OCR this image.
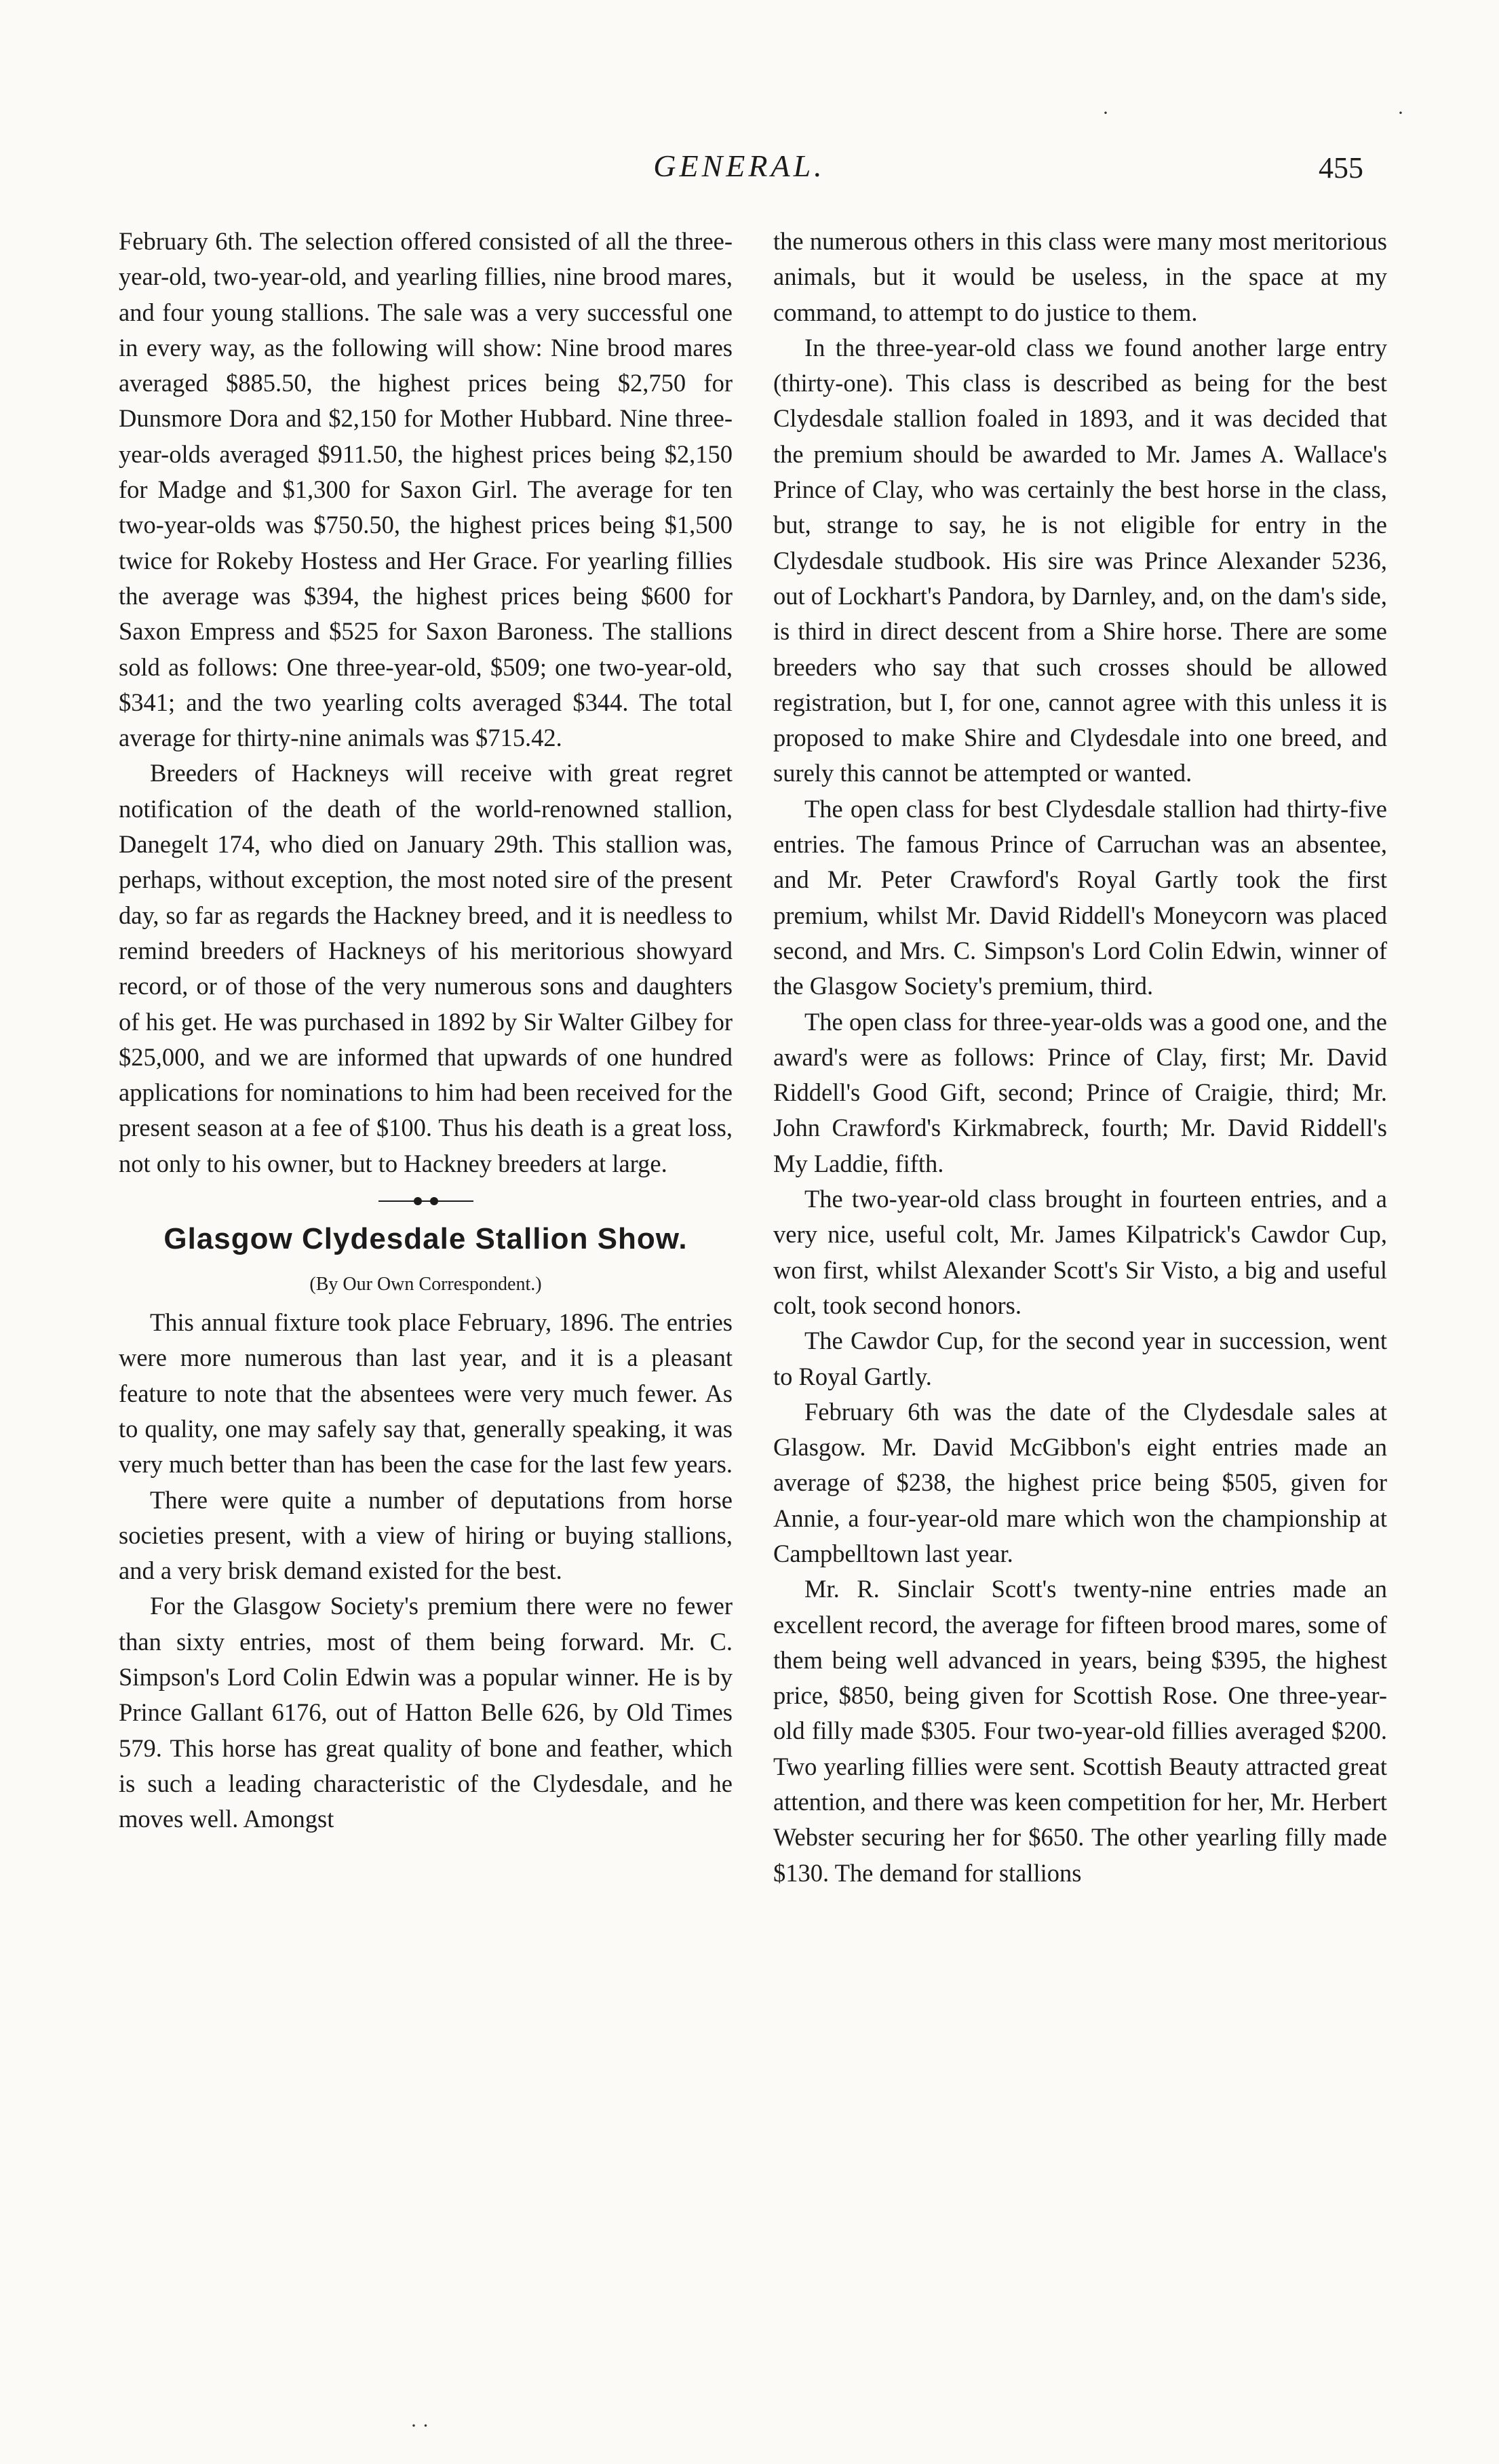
GENERAL.	455

February 6th. The selection offered consisted of all the three-year-old, two-year-old, and yearling fillies, nine brood mares, and four young stallions. The sale was a very successful one in every way, as the following will show: Nine brood mares averaged $885.50, the highest prices being $2,750 for Dunsmore Dora and $2,150 for Mother Hubbard. Nine three-year-olds averaged $911.50, the highest prices being $2,150 for Madge and $1,300 for Saxon Girl. The average for ten two-year-olds was $750.50, the highest prices being $1,500 twice for Rokeby Hostess and Her Grace. For yearling fillies the average was $394, the highest prices being $600 for Saxon Empress and $525 for Saxon Baroness. The stallions sold as follows: One three-year-old, $509; one two-year-old, $341; and the two yearling colts averaged $344. The total average for thirty-nine animals was $715.42.

Breeders of Hackneys will receive with great regret notification of the death of the world-renowned stallion, Danegelt 174, who died on January 29th. This stallion was, perhaps, without exception, the most noted sire of the present day, so far as regards the Hackney breed, and it is needless to remind breeders of Hackneys of his meritorious showyard record, or of those of the very numerous sons and daughters of his get. He was purchased in 1892 by Sir Walter Gilbey for $25,000, and we are informed that upwards of one hundred applications for nominations to him had been received for the present season at a fee of $100. Thus his death is a great loss, not only to his owner, but to Hackney breeders at large.

Glasgow Clydesdale Stallion Show.
(By Our Own Correspondent.)

This annual fixture took place February, 1896. The entries were more numerous than last year, and it is a pleasant feature to note that the absentees were very much fewer. As to quality, one may safely say that, generally speaking, it was very much better than has been the case for the last few years.

There were quite a number of deputations from horse societies present, with a view of hiring or buying stallions, and a very brisk demand existed for the best.

For the Glasgow Society's premium there were no fewer than sixty entries, most of them being forward. Mr. C. Simpson's Lord Colin Edwin was a popular winner. He is by Prince Gallant 6176, out of Hatton Belle 626, by Old Times 579. This horse has great quality of bone and feather, which is such a leading characteristic of the Clydesdale, and he moves well. Amongst

the numerous others in this class were many most meritorious animals, but it would be useless, in the space at my command, to attempt to do justice to them.

In the three-year-old class we found another large entry (thirty-one). This class is described as being for the best Clydesdale stallion foaled in 1893, and it was decided that the premium should be awarded to Mr. James A. Wallace's Prince of Clay, who was certainly the best horse in the class, but, strange to say, he is not eligible for entry in the Clydesdale studbook. His sire was Prince Alexander 5236, out of Lockhart's Pandora, by Darnley, and, on the dam's side, is third in direct descent from a Shire horse. There are some breeders who say that such crosses should be allowed registration, but I, for one, cannot agree with this unless it is proposed to make Shire and Clydesdale into one breed, and surely this cannot be attempted or wanted.

The open class for best Clydesdale stallion had thirty-five entries. The famous Prince of Carruchan was an absentee, and Mr. Peter Crawford's Royal Gartly took the first premium, whilst Mr. David Riddell's Moneycorn was placed second, and Mrs. C. Simpson's Lord Colin Edwin, winner of the Glasgow Society's premium, third.

The open class for three-year-olds was a good one, and the award's were as follows: Prince of Clay, first; Mr. David Riddell's Good Gift, second; Prince of Craigie, third; Mr. John Crawford's Kirkmabreck, fourth; Mr. David Riddell's My Laddie, fifth.

The two-year-old class brought in fourteen entries, and a very nice, useful colt, Mr. James Kilpatrick's Cawdor Cup, won first, whilst Alexander Scott's Sir Visto, a big and useful colt, took second honors.

The Cawdor Cup, for the second year in succession, went to Royal Gartly.

February 6th was the date of the Clydesdale sales at Glasgow. Mr. David McGibbon's eight entries made an average of $238, the highest price being $505, given for Annie, a four-year-old mare which won the championship at Campbelltown last year.

Mr. R. Sinclair Scott's twenty-nine entries made an excellent record, the average for fifteen brood mares, some of them being well advanced in years, being $395, the highest price, $850, being given for Scottish Rose. One three-year-old filly made $305. Four two-year-old fillies averaged $200. Two yearling fillies were sent. Scottish Beauty attracted great attention, and there was keen competition for her, Mr. Herbert Webster securing her for $650. The other yearling filly made $130. The demand for stallions

·	·
· ·
